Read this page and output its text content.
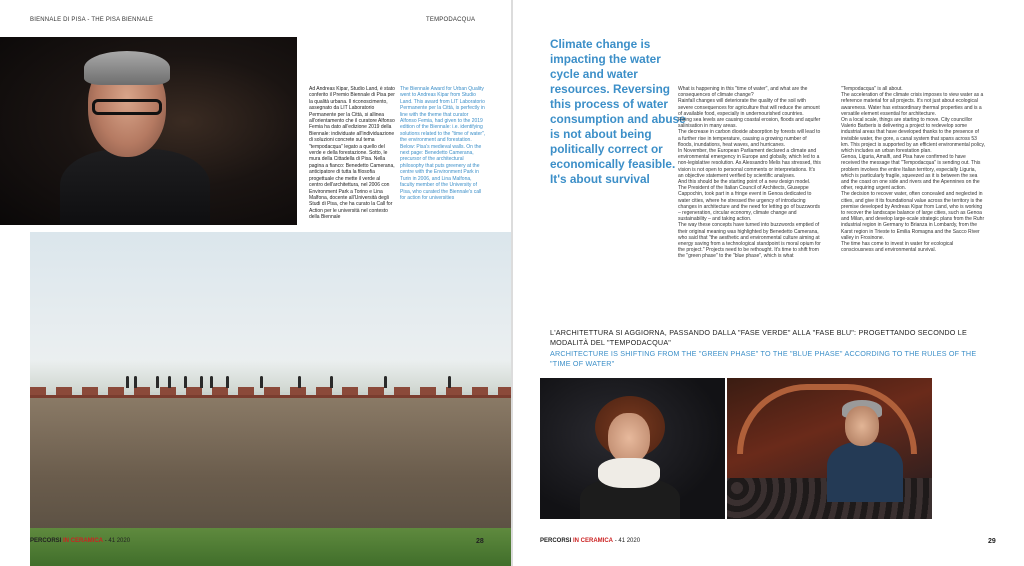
BIENNALE DI PISA - THE PISA BIENNALE	TEMPODACQUA
Ad Andreas Kipar, Studio Land, è stato conferito il Premio Biennale di Pisa per la qualità urbana. Il riconoscimento, assegnato da LIT Laboratorio Permanente per la Città, si allinea all'orientamento che il curatore Alfonso Femia ha dato all'edizione 2019 della Biennale: individuate all'individuazione di soluzioni concrete sul tema "tempodacqua" legato a quello del verde e della forestazione. Sotto, le mura della Cittadella di Pisa. Nella pagina a fianco: Benedetto Camerana, anticipatore di tutta la filosofia progettuale che mette il verde al centro dell'architettura, nel 2006 con Environment Park a Torino e Lina Malfona, docente all'Università degli Studi di Pisa, che ha curato la Call for Action per le università nel contesto della Biennale
The Biennale Award for Urban Quality went to Andreas Kipar from Studio Land. This award from LIT Laboratorio Permanente per la Città, is perfectly in line with the theme that curator Alfonso Femia, had given to the 2019 edition of the Biennale: i.e. identifying solutions related to the "time of water", the environment and forestation. Below: Pisa's medieval walls. On the next page: Benedetto Camerana, precursor of the architectural philosophy that puts greenery at the centre with the Environment Park in Turin in 2006, and Lina Malfona, faculty member of the University of Pisa, who curated the Biennale's call for action for universities
PERCORSI IN CERAMICA - 41 2020	28
Climate change is impacting the water cycle and water resources. Reversing this process of water consumption and abuse is not about being politically correct or economically feasible. It's about survival

What is happening in this "time of water", and what are the consequences of climate change?

Rainfall changes will deteriorate the quality of the soil with severe consequences for agriculture that will reduce the amount of available food, especially in undernourished countries.

Rising sea levels are causing coastal erosion, floods and aquifer salinisation in many areas.

The decrease in carbon dioxide absorption by forests will lead to a further rise in temperature, causing a growing number of floods, inundations, heat waves, and hurricanes.

In November, the European Parliament declared a climate and environmental emergency in Europe and globally, which led to a non-legislative resolution. As Alessandro Melis has stressed, this vision is not open to personal comments or interpretations. It's an objective statement verified by scientific analyses.

And this should be the starting point of a new design model.

The President of the Italian Council of Architects, Giuseppe Cappochin, took part in a fringe event in Genoa dedicated to water cities, where he stressed the urgency of introducing changes in architecture and the need for letting go of buzzwords – regeneration, circular economy, climate change and sustainability – and taking action.

The way these concepts have turned into buzzwords emptied of their original meaning was highlighted by Benedetto Camerana, who said that "the aesthetic and environmental culture aiming at energy saving from a technological standpoint is moral opium for the project." Projects need to be rethought. It's time to shift from the "green phase" to the "blue phase", which is what

"Tempodacqua" is all about.

The acceleration of the climate crisis imposes to view water as a reference material for all projects. It's not just about ecological awareness. Water has extraordinary thermal properties and is a versatile element essential for architecture.

On a local scale, things are starting to move. City councillor Valerio Barberis is delivering a project to redevelop some industrial areas that have developed thanks to the presence of invisible water, the gore, a canal system that spans across 53 km. This project is supported by an efficient environmental policy, which includes an urban forestation plan.

Genoa, Liguria, Amalfi, and Pisa have confirmed to have received the message that "Tempodacqua" is sending out. This problem involves the entire Italian territory, especially Liguria, which is particularly fragile, squeezed as it is between the sea and the coast on one side and rivers and the Apennines on the other, requiring urgent action.

The decision to recover water, often concealed and neglected in cities, and give it its foundational value across the territory is the premise developed by Andreas Kipar from Land, who is working to recover the landscape balance of large cities, such as Genoa and Milan, and develop large-scale strategic plans from the Ruhr industrial region in Germany to Brianza in Lombardy, from the Karst region in Trieste to Emilia Romagna and the Sacco River valley in Frosinone.

The time has come to invest in water for ecological consciousness and environmental survival.

L'ARCHITETTURA SI AGGIORNA, PASSANDO DALLA "FASE VERDE" ALLA "FASE BLU": PROGETTANDO SECONDO LE MODALITÀ DEL "TEMPODACQUA"
ARCHITECTURE IS SHIFTING FROM THE "GREEN PHASE" TO THE "BLUE PHASE" ACCORDING TO THE RULES OF THE "TIME OF WATER"
PERCORSI IN CERAMICA - 41 2020	29
